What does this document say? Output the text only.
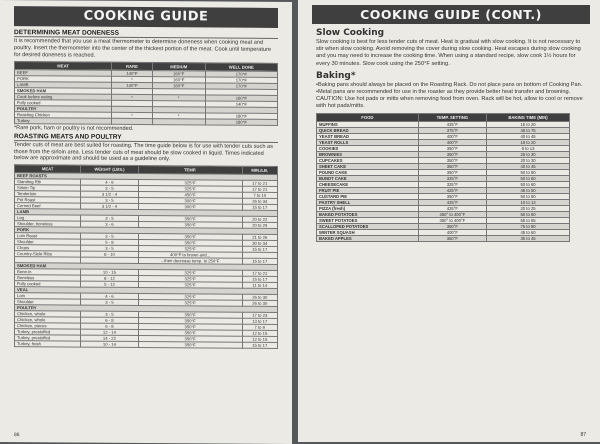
COOKING GUIDE
DETERMINING MEAT DONENESS
It is recommended that you use a meat thermometer to determine doneness when cooking meat and poultry. Insert the thermometer into the center of the thickest portion of the meat. Cook until temperature for desired doneness is reached.
MEAT	RARE	MEDIUM	WELL DONE
BEEF	140°F	160°F	170°F
PORK	*	160°F	170°F
LAMB	140°F	160°F	170°F
SMOKED HAM			
Cook before eating	*	*	160°F
Fully cooked			140°F
POULTRY			
Roasting Chicken	*	*	180°F
Turkey			180°F
*Rare pork, ham or poultry is not recommended.
ROASTING MEATS AND POULTRY
Tender cuts of meat are best suited for roasting. The time guide below is for use with tender cuts such as those from the sirloin area. Less tender cuts of meat should be slow cooked in liquid. Times indicated below are approximate and should be used as a guideline only.
MEAT	WEIGHT (LBS.)	TEMP.	MIN./LB.
BEEF ROASTS			
Standing Rib	4 - 6	325°F	17 to 21
Sirloin Tip	3 - 5	325°F	17 to 21
Tenderloin	3 1/2 - 4	450°F	7 to 10
Pot Roast	3 - 5	300°F	26 to 34
Corned Beef	3 1/2 - 4	300°F	15 to 17
LAMB			
Leg	3 - 5	350°F	20 to 22
Shoulder, boneless	3 - 6	350°F	20 to 25
PORK			
Loin Roast	3 - 5	350°F	21 to 26
Shoulder	5 - 8	350°F	30 to 34
Chops	3 - 5	325°F	15 to 17
Country-Style Ribs	8 - 10	400°F to brown and...	
		...then decrease temp. to 250°F	15 to 17
SMOKED HAM			
Bone-in	10 - 15	325°F	17 to 21
Boneless	8 - 12	325°F	15 to 17
Fully cooked	5 - 12	325°F	11 to 14
VEAL			
Loin	4 - 6	325°F	26 to 30
Shoulder	3 - 5	325°F	26 to 30
POULTRY			
Chicken, whole	3 - 5	350°F	17 to 23
Chicken, whole	6 - 8	350°F	13 to 17
Chicken, pieces	6 - 8	350°F	7 to 9
Turkey, prestuffed	12 - 14	350°F	12 to 15
Turkey, prestuffed	14 - 22	350°F	12 to 15
Turkey, fresh	10 - 14	350°F	15 to 17
86
COOKING GUIDE (CONT.)
Slow Cooking
Slow cooking is best for less tender cuts of meat. Heat is gradual with slow cooking. It is not necessary to stir when slow cooking. Avoid removing the cover during slow cooking. Heat escapes during slow cooking and you may need to increase the cooking time. When using a standard recipe, slow cook 1½ hours for every 30 minutes. Slow cook using the 250°F setting.
Baking*
• Baking pans should always be placed on the Roasting Rack. Do not place pans on bottom of Cooking Pan.
• Metal pans are recommended for use in the roaster as they provide better heat transfer and browning.
CAUTION: Use hot pads or mitts when removing food from oven. Rack will be hot, allow to cool or remove with hot pads/mitts.
FOOD	TEMP. SETTING	BAKING TIME (MIN)
MUFFINS	425°F	15 to 20
QUICK BREAD	375°F	45 to 75
YEAST BREAD	400°F	40 to 45
YEAST ROLLS	400°F	18 to 20
COOKIES	350°F	8 to 13
BROWNIES	350°F	25 to 30
CUPCAKES	350°F	20 to 30
SHEET CAKE	350°F	40 to 45
POUND CAKE	350°F	50 to 60
BUNDT CAKE	325°F	50 to 60
CHEESECAKE	325°F	50 to 60
FRUIT PIE	425°F	45 to 50
CUSTARD PIE	350°F	50 to 60
PASTRY SHELL	425°F	10 to 13
PIZZA (fresh)	425°F	20 to 25
BAKED POTATOES	350° to 400°F	50 to 60
SWEET POTATOES	350° to 400°F	55 to 65
SCALLOPED POTATOES	350°F	75 to 90
WINTER SQUASH	400°F	45 to 60
BAKED APPLES	350°F	35 to 45
87
